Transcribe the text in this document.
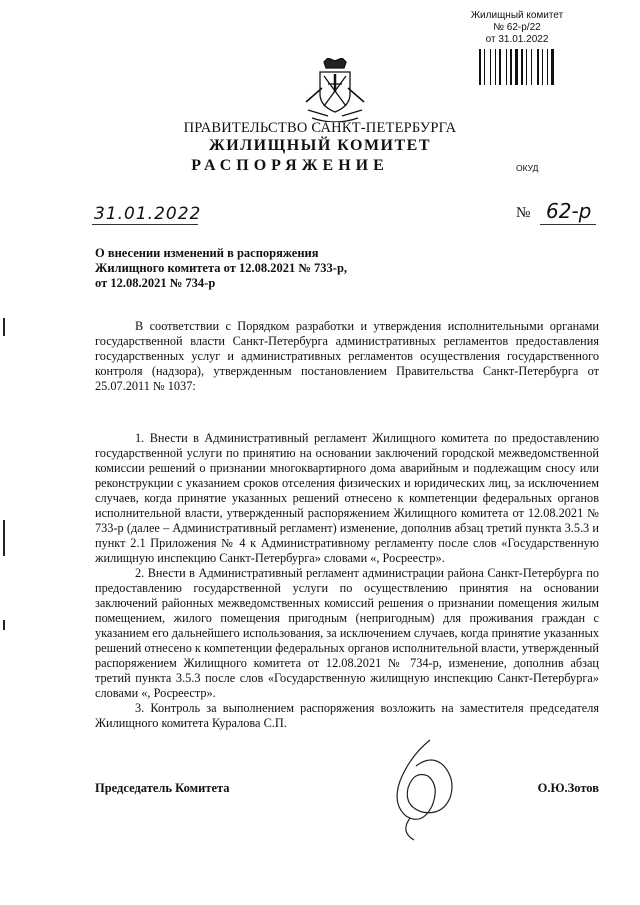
Жилищный комитет
№ 62-р/22
от 31.01.2022
ПРАВИТЕЛЬСТВО САНКТ-ПЕТЕРБУРГА
ЖИЛИЩНЫЙ КОМИТЕТ
РАСПОРЯЖЕНИЕ	ОКУД
31.01.2022	№ 62-р
О внесении изменений в распоряжения
Жилищного комитета от 12.08.2021 № 733-р,
от 12.08.2021 № 734-р
В соответствии с Порядком разработки и утверждения исполнительными органами государственной власти Санкт-Петербурга административных регламентов предоставления государственных услуг и административных регламентов осуществления государственного контроля (надзора), утвержденным постановлением Правительства Санкт-Петербурга от 25.07.2011 № 1037:

1. Внести в Административный регламент Жилищного комитета по предоставлению государственной услуги по принятию на основании заключений городской межведомственной комиссии решений о признании многоквартирного дома аварийным и подлежащим сносу или реконструкции с указанием сроков отселения физических и юридических лиц, за исключением случаев, когда принятие указанных решений отнесено к компетенции федеральных органов исполнительной власти, утвержденный распоряжением Жилищного комитета от 12.08.2021 № 733-р (далее – Административный регламент) изменение, дополнив абзац третий пункта 3.5.3 и пункт 2.1 Приложения № 4 к Административному регламенту после слов «Государственную жилищную инспекцию Санкт-Петербурга» словами «, Росреестр».

2. Внести в Административный регламент администрации района Санкт-Петербурга по предоставлению государственной услуги по осуществлению принятия на основании заключений районных межведомственных комиссий решения о признании помещения жилым помещением, жилого помещения пригодным (непригодным) для проживания граждан с указанием его дальнейшего использования, за исключением случаев, когда принятие указанных решений отнесено к компетенции федеральных органов исполнительной власти, утвержденный распоряжением Жилищного комитета от 12.08.2021 № 734-р, изменение, дополнив абзац третий пункта 3.5.3 после слов «Государственную жилищную инспекцию Санкт-Петербурга» словами «, Росреестр».

3. Контроль за выполнением распоряжения возложить на заместителя председателя Жилищного комитета Куралова С.П.

Председатель Комитета	О.Ю.Зотов
